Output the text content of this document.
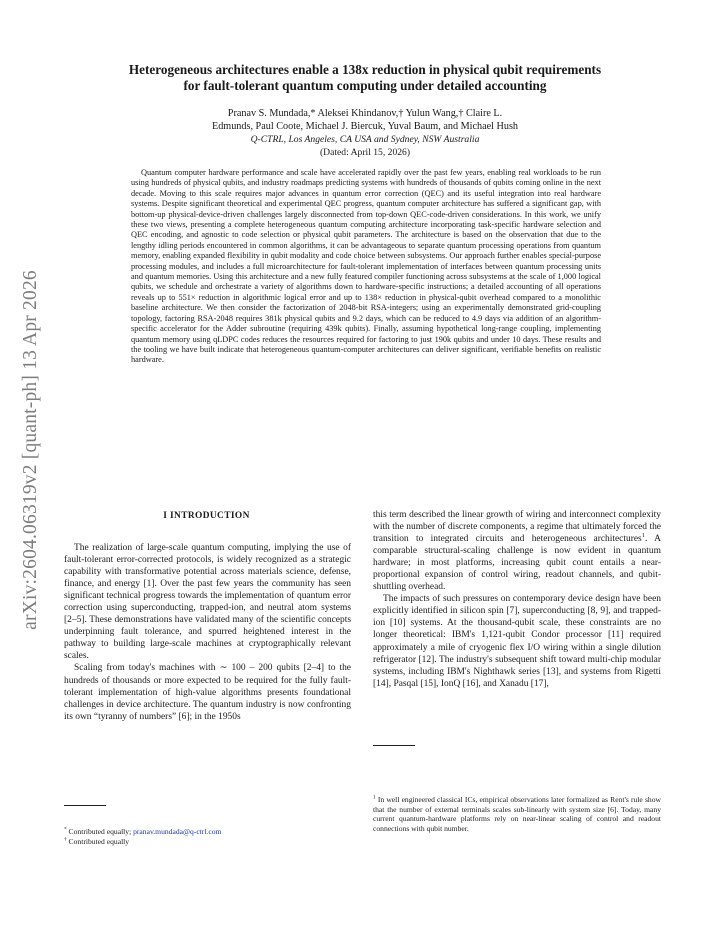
arXiv:2604.06319v2 [quant-ph] 13 Apr 2026
Heterogeneous architectures enable a 138x reduction in physical qubit requirements
for fault-tolerant quantum computing under detailed accounting
Pranav S. Mundada,* Aleksei Khindanov,† Yulun Wang,† Claire L.
Edmunds, Paul Coote, Michael J. Biercuk, Yuval Baum, and Michael Hush
Q-CTRL, Los Angeles, CA USA and Sydney, NSW Australia
(Dated: April 15, 2026)

Quantum computer hardware performance and scale have accelerated rapidly over the past few years, enabling real workloads to be run using hundreds of physical qubits, and industry roadmaps predicting systems with hundreds of thousands of qubits coming online in the next decade. Moving to this scale requires major advances in quantum error correction (QEC) and its useful integration into real hardware systems. Despite significant theoretical and experimental QEC progress, quantum computer architecture has suffered a significant gap, with bottom-up physical-device-driven challenges largely disconnected from top-down QEC-code-driven considerations. In this work, we unify these two views, presenting a complete heterogeneous quantum computing architecture incorporating task-specific hardware selection and QEC encoding, and agnostic to code selection or physical qubit parameters. The architecture is based on the observation that due to the lengthy idling periods encountered in common algorithms, it can be advantageous to separate quantum processing operations from quantum memory, enabling expanded flexibility in qubit modality and code choice between subsystems. Our approach further enables special-purpose processing modules, and includes a full microarchitecture for fault-tolerant implementation of interfaces between quantum processing units and quantum memories. Using this architecture and a new fully featured compiler functioning across subsystems at the scale of 1,000 logical qubits, we schedule and orchestrate a variety of algorithms down to hardware-specific instructions; a detailed accounting of all operations reveals up to 551× reduction in algorithmic logical error and up to 138× reduction in physical-qubit overhead compared to a monolithic baseline architecture. We then consider the factorization of 2048-bit RSA-integers; using an experimentally demonstrated grid-coupling topology, factoring RSA-2048 requires 381k physical qubits and 9.2 days, which can be reduced to 4.9 days via addition of an algorithm-specific accelerator for the Adder subroutine (requiring 439k qubits). Finally, assuming hypothetical long-range coupling, implementing quantum memory using qLDPC codes reduces the resources required for factoring to just 190k qubits and under 10 days. These results and the tooling we have built indicate that heterogeneous quantum-computer architectures can deliver significant, verifiable benefits on realistic hardware.

I INTRODUCTION

The realization of large-scale quantum computing, implying the use of fault-tolerant error-corrected protocols, is widely recognized as a strategic capability with transformative potential across materials science, defense, finance, and energy [1]. Over the past few years the community has seen significant technical progress towards the implementation of quantum error correction using superconducting, trapped-ion, and neutral atom systems [2–5]. These demonstrations have validated many of the scientific concepts underpinning fault tolerance, and spurred heightened interest in the pathway to building large-scale machines at cryptographically relevant scales.

Scaling from today's machines with ∼ 100 – 200 qubits [2–4] to the hundreds of thousands or more expected to be required for the fully fault-tolerant implementation of high-value algorithms presents foundational challenges in device architecture. The quantum industry is now confronting its own “tyranny of numbers” [6]; in the 1950s

this term described the linear growth of wiring and interconnect complexity with the number of discrete components, a regime that ultimately forced the transition to integrated circuits and heterogeneous architectures$^1$. A comparable structural-scaling challenge is now evident in quantum hardware; in most platforms, increasing qubit count entails a near-proportional expansion of control wiring, readout channels, and qubit-shuttling overhead.

The impacts of such pressures on contemporary device design have been explicitly identified in silicon spin [7], superconducting [8, 9], and trapped-ion [10] systems. At the thousand-qubit scale, these constraints are no longer theoretical: IBM's 1,121-qubit Condor processor [11] required approximately a mile of cryogenic flex I/O wiring within a single dilution refrigerator [12]. The industry's subsequent shift toward multi-chip modular systems, including IBM's Nighthawk series [13], and systems from Rigetti [14], Pasqal [15], IonQ [16], and Xanadu [17],

* Contributed equally; pranav.mundada@q-ctrl.com
† Contributed equally

$^1$ In well engineered classical ICs, empirical observations later formalized as Rent's rule show that the number of external terminals scales sub-linearly with system size [6]. Today, many current quantum-hardware platforms rely on near-linear scaling of control and readout connections with qubit number.
